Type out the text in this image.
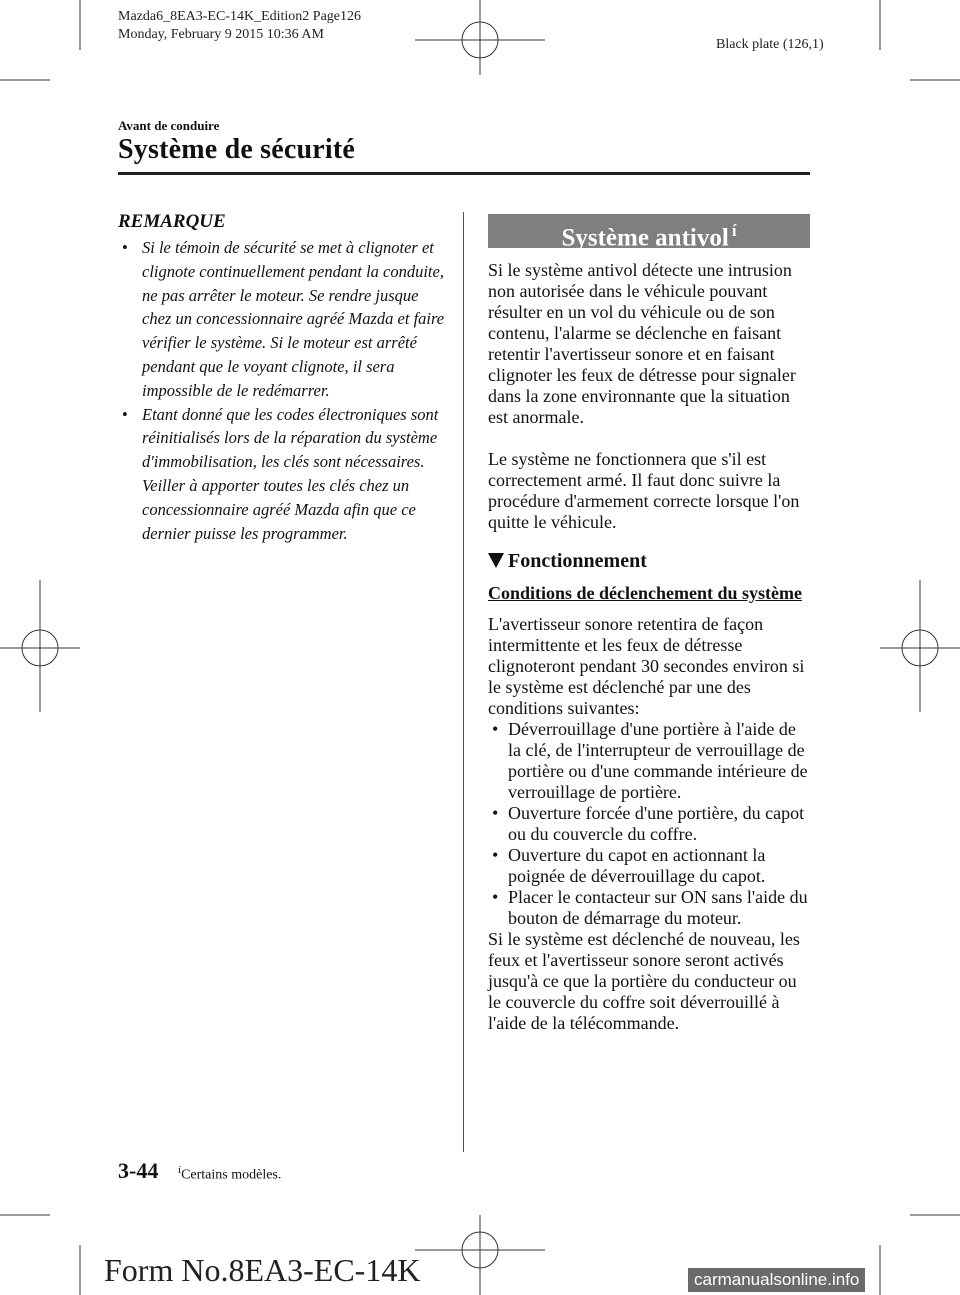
Mazda6_8EA3-EC-14K_Edition2 Page126
Monday, February 9 2015 10:36 AM
Black plate (126,1)
Avant de conduire
Système de sécurité
REMARQUE
• Si le témoin de sécurité se met à clignoter et clignote continuellement pendant la conduite, ne pas arrêter le moteur. Se rendre jusque chez un concessionnaire agréé Mazda et faire vérifier le système. Si le moteur est arrêté pendant que le voyant clignote, il sera impossible de le redémarrer.
• Etant donné que les codes électroniques sont réinitialisés lors de la réparation du système d'immobilisation, les clés sont nécessaires. Veiller à apporter toutes les clés chez un concessionnaire agréé Mazda afin que ce dernier puisse les programmer.
Système antivol $^í$

Si le système antivol détecte une intrusion non autorisée dans le véhicule pouvant résulter en un vol du véhicule ou de son contenu, l'alarme se déclenche en faisant retentir l'avertisseur sonore et en faisant clignoter les feux de détresse pour signaler dans la zone environnante que la situation est anormale.

Le système ne fonctionnera que s'il est correctement armé. Il faut donc suivre la procédure d'armement correcte lorsque l'on quitte le véhicule.

Fonctionnement
Conditions de déclenchement du système

L'avertisseur sonore retentira de façon intermittente et les feux de détresse clignoteront pendant 30 secondes environ si le système est déclenché par une des conditions suivantes:

• Déverrouillage d'une portière à l'aide de la clé, de l'interrupteur de verrouillage de portière ou d'une commande intérieure de verrouillage de portière.
• Ouverture forcée d'une portière, du capot ou du couvercle du coffre.
• Ouverture du capot en actionnant la poignée de déverrouillage du capot.
• Placer le contacteur sur ON sans l'aide du bouton de démarrage du moteur.

Si le système est déclenché de nouveau, les feux et l'avertisseur sonore seront activés jusqu'à ce que la portière du conducteur ou le couvercle du coffre soit déverrouillé à l'aide de la télécommande.

3-44 $^í$Certains modèles.
Form No.8EA3-EC-14K	carmanualsonline.info
